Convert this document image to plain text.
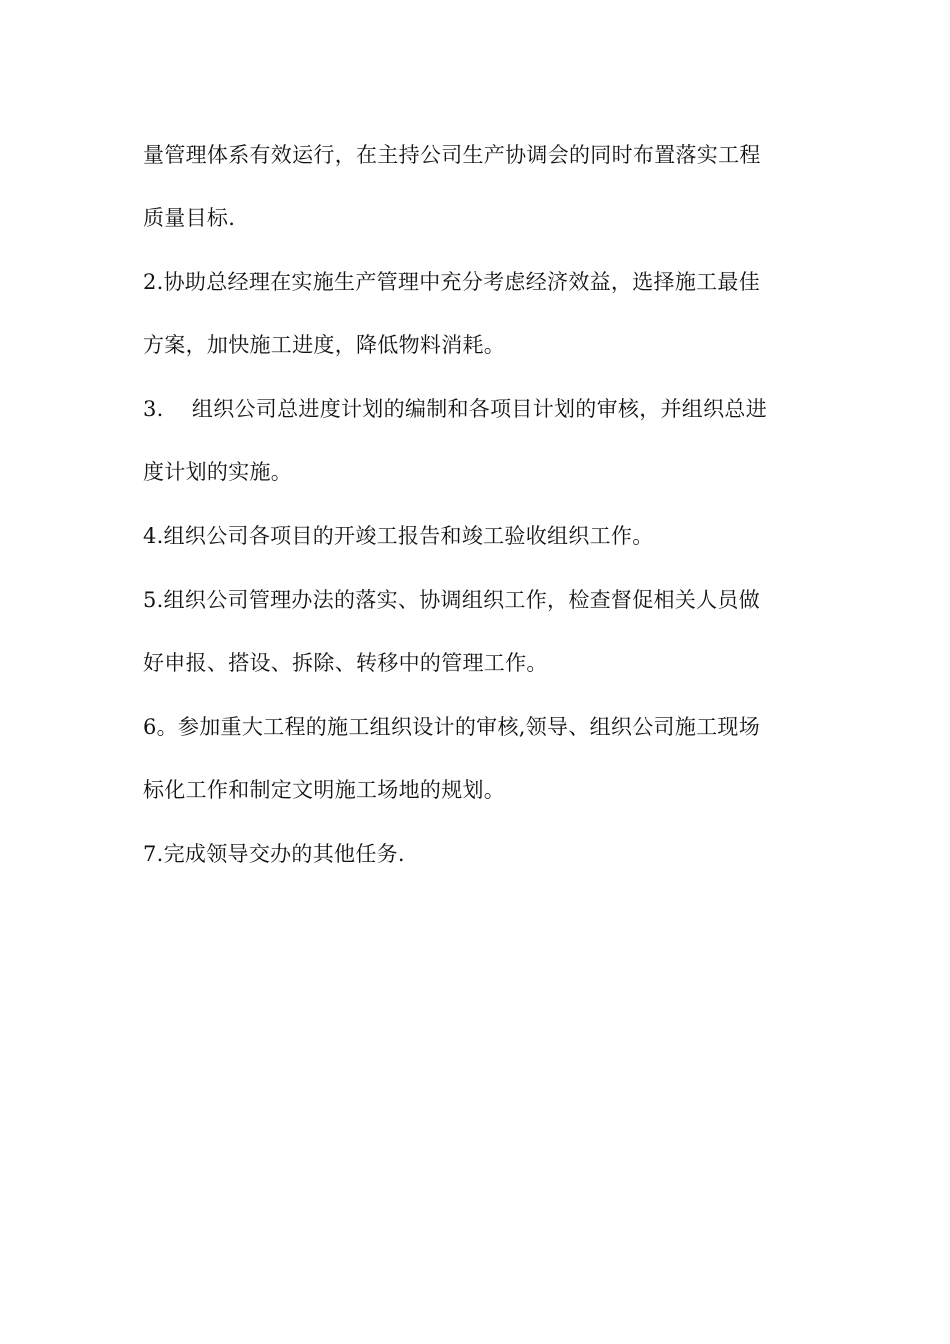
量管理体系有效运行，在主持公司生产协调会的同时布置落实工程
质量目标.

2.协助总经理在实施生产管理中充分考虑经济效益，选择施工最佳
方案，加快施工进度，降低物料消耗。

3.　 组织公司总进度计划的编制和各项目计划的审核，并组织总进
度计划的实施。

4.组织公司各项目的开竣工报告和竣工验收组织工作。

5.组织公司管理办法的落实、协调组织工作，检查督促相关人员做
好申报、搭设、拆除、转移中的管理工作。

6。参加重大工程的施工组织设计的审核,领导、组织公司施工现场
标化工作和制定文明施工场地的规划。

7.完成领导交办的其他任务.
